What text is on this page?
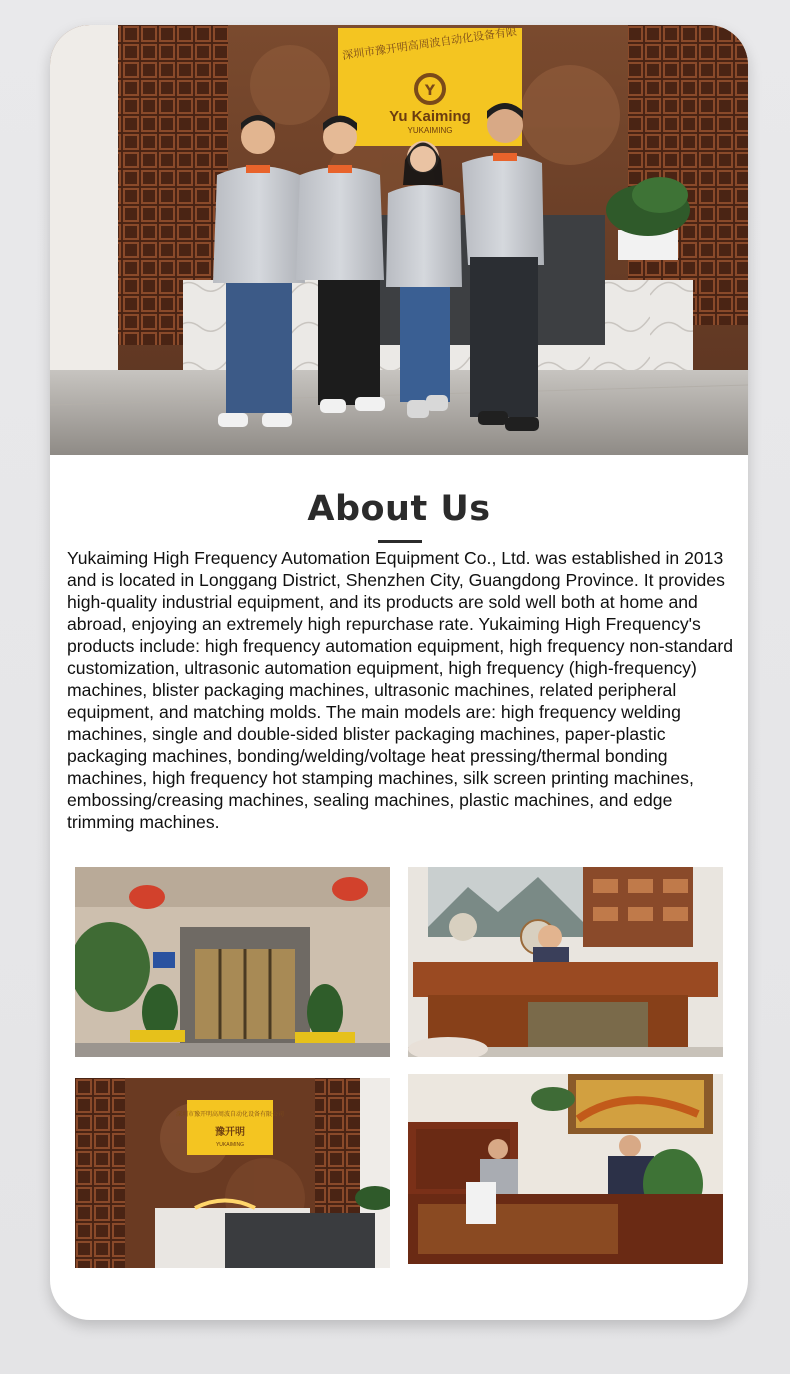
深圳市豫开明高周波自动化设备有限
Y
Yu Kaiming
YUKAIMING
About Us
Yukaiming High Frequency Automation Equipment Co., Ltd. was established in 2013 and is located in Longgang District, Shenzhen City, Guangdong Province. It provides high-quality industrial equipment, and its products are sold well both at home and abroad, enjoying an extremely high repurchase rate. Yukaiming High Frequency's products include: high frequency automation equipment, high frequency non-standard customization, ultrasonic automation equipment, high frequency (high-frequency) machines, blister packaging machines, ultrasonic machines, related peripheral equipment, and matching molds. The main models are: high frequency welding machines, single and double-sided blister packaging machines, paper-plastic packaging machines, bonding/welding/voltage heat pressing/thermal bonding machines, high frequency hot stamping machines, silk screen printing machines, embossing/creasing machines, sealing machines, plastic machines, and edge trimming machines.
深圳市豫开明高周波自动化设备有限公司
豫开明
YUKAIMING
